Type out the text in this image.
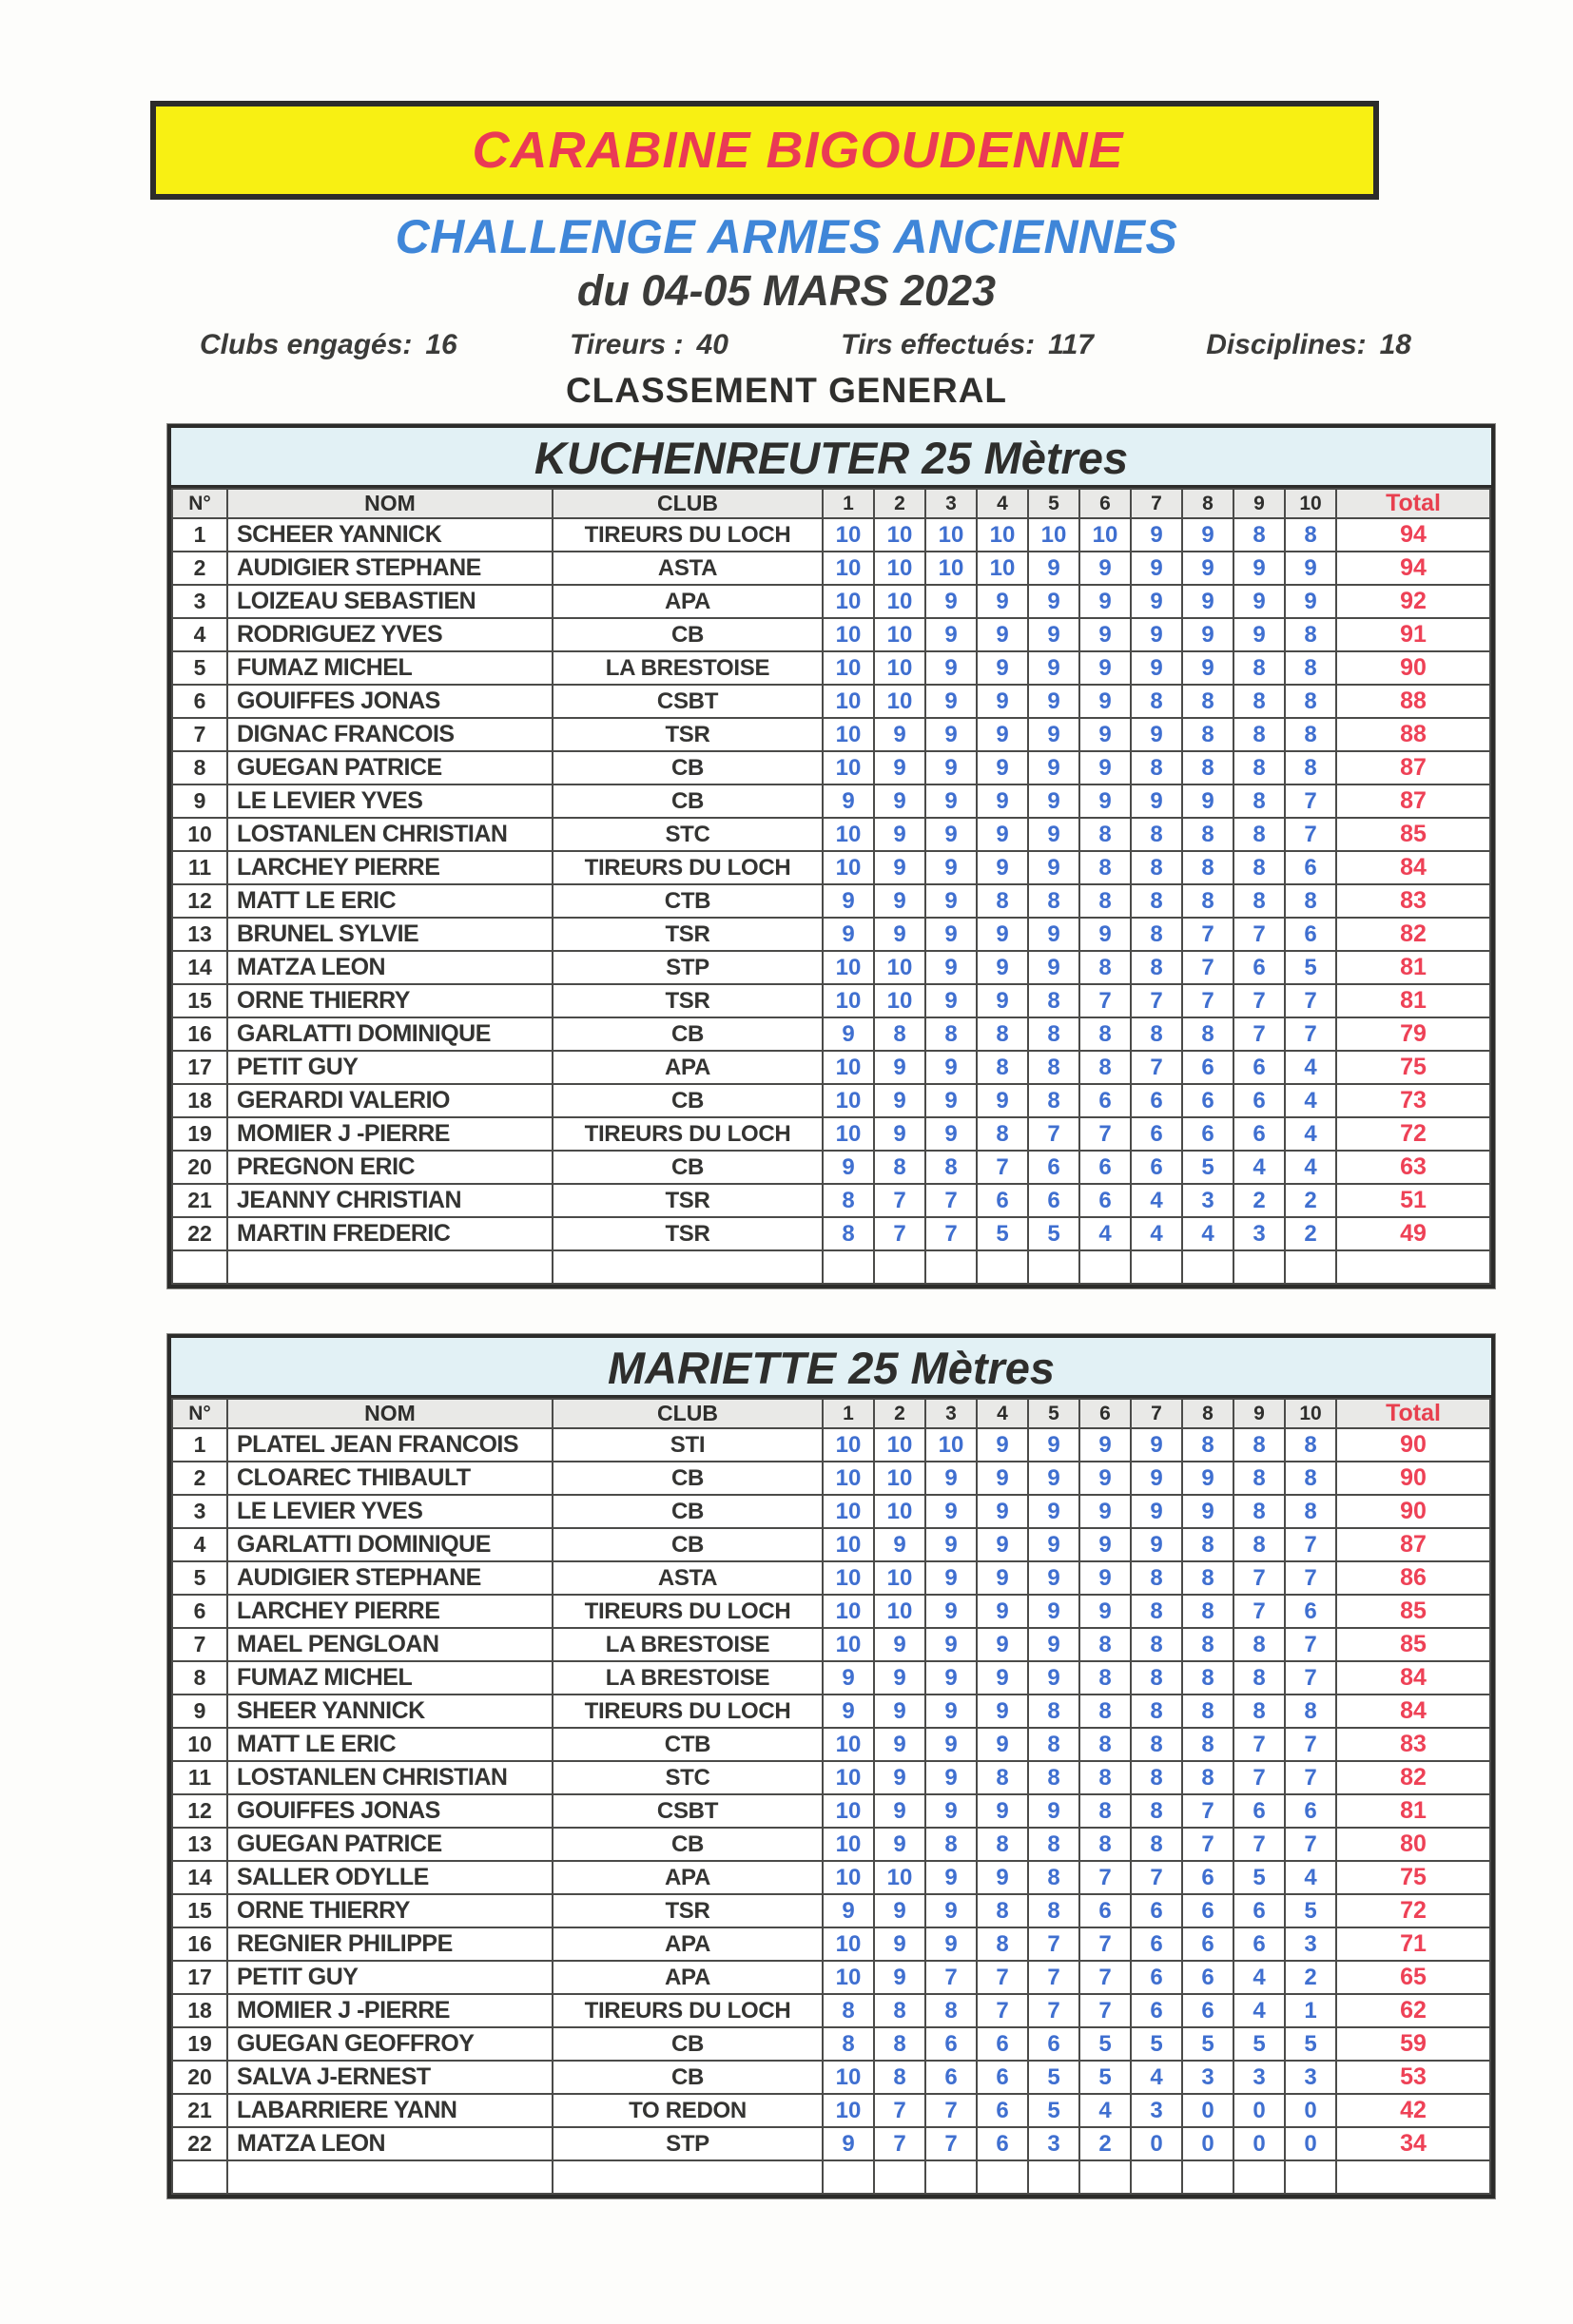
CARABINE BIGOUDENNE
CHALLENGE ARMES ANCIENNES
du 04-05 MARS 2023
Clubs engagés: 16	Tireurs : 40	Tirs effectués: 117	Disciplines: 18
CLASSEMENT GENERAL
KUCHENREUTER 25 Mètres
N°	NOM	CLUB	1	2	3	4	5	6	7	8	9	10	Total
1	SCHEER YANNICK	TIREURS DU LOCH	10	10	10	10	10	10	9	9	8	8	94
2	AUDIGIER STEPHANE	ASTA	10	10	10	10	9	9	9	9	9	9	94
3	LOIZEAU SEBASTIEN	APA	10	10	9	9	9	9	9	9	9	9	92
4	RODRIGUEZ YVES	CB	10	10	9	9	9	9	9	9	9	8	91
5	FUMAZ MICHEL	LA BRESTOISE	10	10	9	9	9	9	9	9	8	8	90
6	GOUIFFES JONAS	CSBT	10	10	9	9	9	9	8	8	8	8	88
7	DIGNAC FRANCOIS	TSR	10	9	9	9	9	9	9	8	8	8	88
8	GUEGAN PATRICE	CB	10	9	9	9	9	9	8	8	8	8	87
9	LE LEVIER YVES	CB	9	9	9	9	9	9	9	9	8	7	87
10	LOSTANLEN CHRISTIAN	STC	10	9	9	9	9	8	8	8	8	7	85
11	LARCHEY PIERRE	TIREURS DU LOCH	10	9	9	9	9	8	8	8	8	6	84
12	MATT LE ERIC	CTB	9	9	9	8	8	8	8	8	8	8	83
13	BRUNEL SYLVIE	TSR	9	9	9	9	9	9	8	7	7	6	82
14	MATZA LEON	STP	10	10	9	9	9	8	8	7	6	5	81
15	ORNE THIERRY	TSR	10	10	9	9	8	7	7	7	7	7	81
16	GARLATTI DOMINIQUE	CB	9	8	8	8	8	8	8	8	7	7	79
17	PETIT GUY	APA	10	9	9	8	8	8	7	6	6	4	75
18	GERARDI VALERIO	CB	10	9	9	9	8	6	6	6	6	4	73
19	MOMIER J -PIERRE	TIREURS DU LOCH	10	9	9	8	7	7	6	6	6	4	72
20	PREGNON ERIC	CB	9	8	8	7	6	6	6	5	4	4	63
21	JEANNY CHRISTIAN	TSR	8	7	7	6	6	6	4	3	2	2	51
22	MARTIN FREDERIC	TSR	8	7	7	5	5	4	4	4	3	2	49

MARIETTE 25 Mètres
N°	NOM	CLUB	1	2	3	4	5	6	7	8	9	10	Total
1	PLATEL JEAN FRANCOIS	STI	10	10	10	9	9	9	9	8	8	8	90
2	CLOAREC THIBAULT	CB	10	10	9	9	9	9	9	9	8	8	90
3	LE LEVIER YVES	CB	10	10	9	9	9	9	9	9	8	8	90
4	GARLATTI DOMINIQUE	CB	10	9	9	9	9	9	9	8	8	7	87
5	AUDIGIER STEPHANE	ASTA	10	10	9	9	9	9	8	8	7	7	86
6	LARCHEY PIERRE	TIREURS DU LOCH	10	10	9	9	9	9	8	8	7	6	85
7	MAEL PENGLOAN	LA BRESTOISE	10	9	9	9	9	8	8	8	8	7	85
8	FUMAZ MICHEL	LA BRESTOISE	9	9	9	9	9	8	8	8	8	7	84
9	SHEER YANNICK	TIREURS DU LOCH	9	9	9	9	8	8	8	8	8	8	84
10	MATT LE ERIC	CTB	10	9	9	9	8	8	8	8	7	7	83
11	LOSTANLEN CHRISTIAN	STC	10	9	9	8	8	8	8	8	7	7	82
12	GOUIFFES JONAS	CSBT	10	9	9	9	9	8	8	7	6	6	81
13	GUEGAN PATRICE	CB	10	9	8	8	8	8	8	7	7	7	80
14	SALLER ODYLLE	APA	10	10	9	9	8	7	7	6	5	4	75
15	ORNE THIERRY	TSR	9	9	9	8	8	6	6	6	6	5	72
16	REGNIER PHILIPPE	APA	10	9	9	8	7	7	6	6	6	3	71
17	PETIT GUY	APA	10	9	7	7	7	7	6	6	4	2	65
18	MOMIER J -PIERRE	TIREURS DU LOCH	8	8	8	7	7	7	6	6	4	1	62
19	GUEGAN GEOFFROY	CB	8	8	6	6	6	5	5	5	5	5	59
20	SALVA J-ERNEST	CB	10	8	6	6	5	5	4	3	3	3	53
21	LABARRIERE YANN	TO REDON	10	7	7	6	5	4	3	0	0	0	42
22	MATZA LEON	STP	9	7	7	6	3	2	0	0	0	0	34
